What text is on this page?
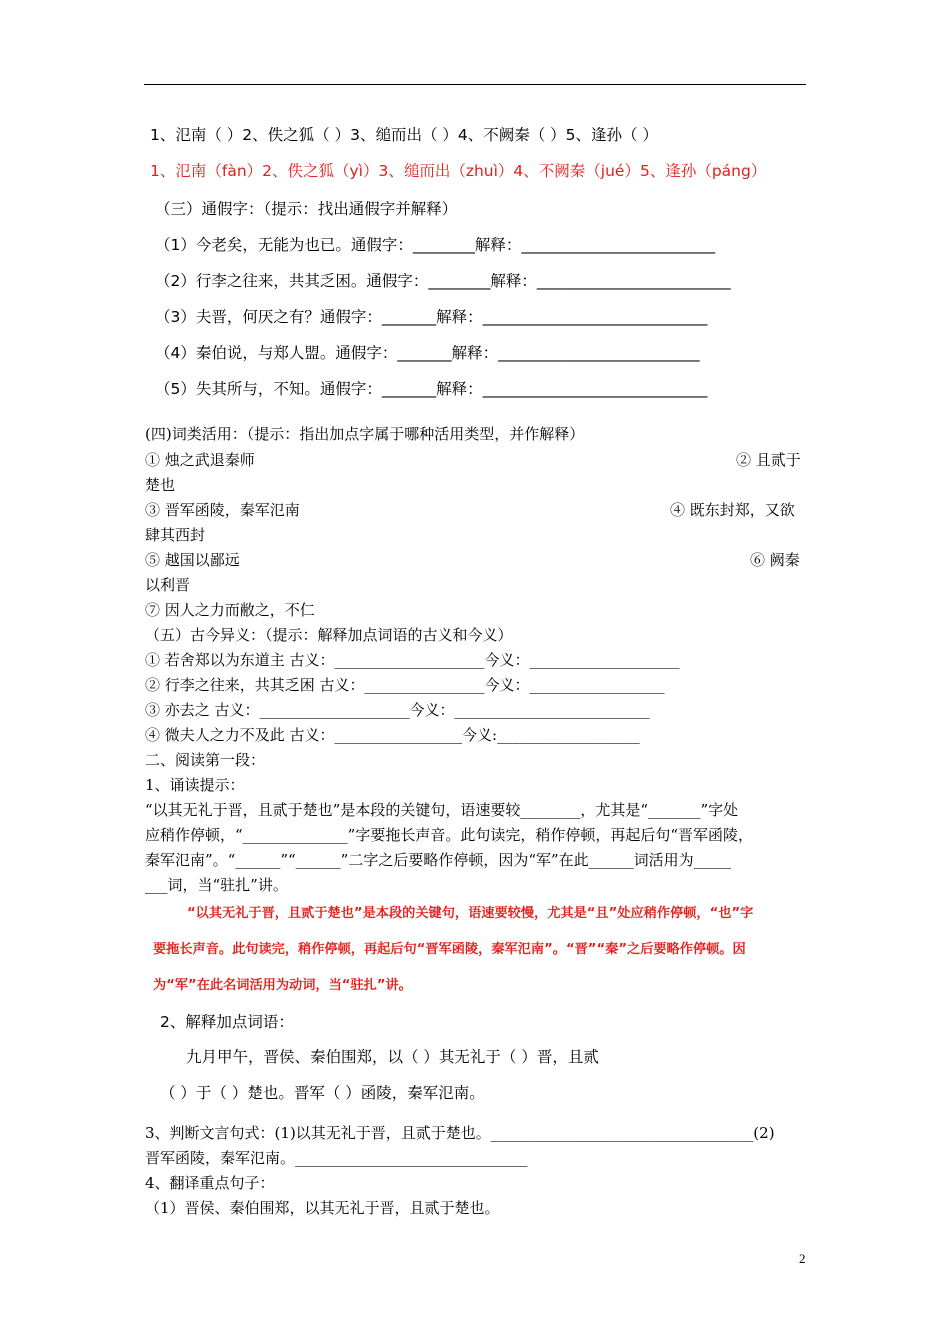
1、氾南（ ）2、佚之狐（ ）3、缒而出（ ）4、不阙秦（ ）5、逢孙（ ）
1、氾南（fàn）2、佚之狐（yì）3、缒而出（zhuì）4、不阙秦（jué）5、逢孙（páng）
（三）通假字：（提示：找出通假字并解释）
（1）今老矣，无能为也已。通假字：________解释：_________________________
（2）行李之往来，共其乏困。通假字：________解释：_________________________
（3）夫晋，何厌之有？通假字：_______解释：_____________________________
（4）秦伯说，与郑人盟。通假字：_______解释：__________________________
（5）失其所与，不知。通假字：_______解释：_____________________________
(四)词类活用：（提示：指出加点字属于哪种活用类型，并作解释）
① 烛之武退秦师	② 且贰于
楚也
③ 晋军函陵，秦军氾南	④ 既东封郑，又欲
肆其西封
⑤ 越国以鄙远	⑥ 阙秦
以利晋
⑦ 因人之力而敝之，不仁
（五）古今异义：（提示：解释加点词语的古义和今义）
① 若舍郑以为东道主 古义：____________________今义：____________________
② 行李之往来，共其乏困 古义：________________今义：__________________
③ 亦去之 古义：____________________今义：__________________________
④ 微夫人之力不及此 古义：_________________今义:___________________
二、阅读第一段：
1、诵读提示：
“以其无礼于晋，且贰于楚也”是本段的关键句，语速要较________，尤其是“_______”字处
应稍作停顿，“______________”字要拖长声音。此句读完，稍作停顿，再起后句“晋军函陵，
秦军氾南”。“______”“______”二字之后要略作停顿，因为“军”在此______词活用为_____
___词，当“驻扎”讲。
“以其无礼于晋，且贰于楚也”是本段的关键句，语速要较慢，尤其是“且”处应稍作停顿，“也”字
要拖长声音。此句读完，稍作停顿，再起后句“晋军函陵，秦军氾南”。“晋”“秦”之后要略作停顿。因
为“军”在此名词活用为动词，当“驻扎”讲。
2、解释加点词语：
九月甲午，晋侯、秦伯围郑，以（ ）其无礼于（ ）晋，且贰
（ ）于（ ）楚也。晋军（ ）函陵，秦军氾南。
3、判断文言句式：(1)以其无礼于晋，且贰于楚也。___________________________________(2)
晋军函陵，秦军氾南。_______________________________
4、翻译重点句子：
（1）晋侯、秦伯围郑，以其无礼于晋，且贰于楚也。
2
